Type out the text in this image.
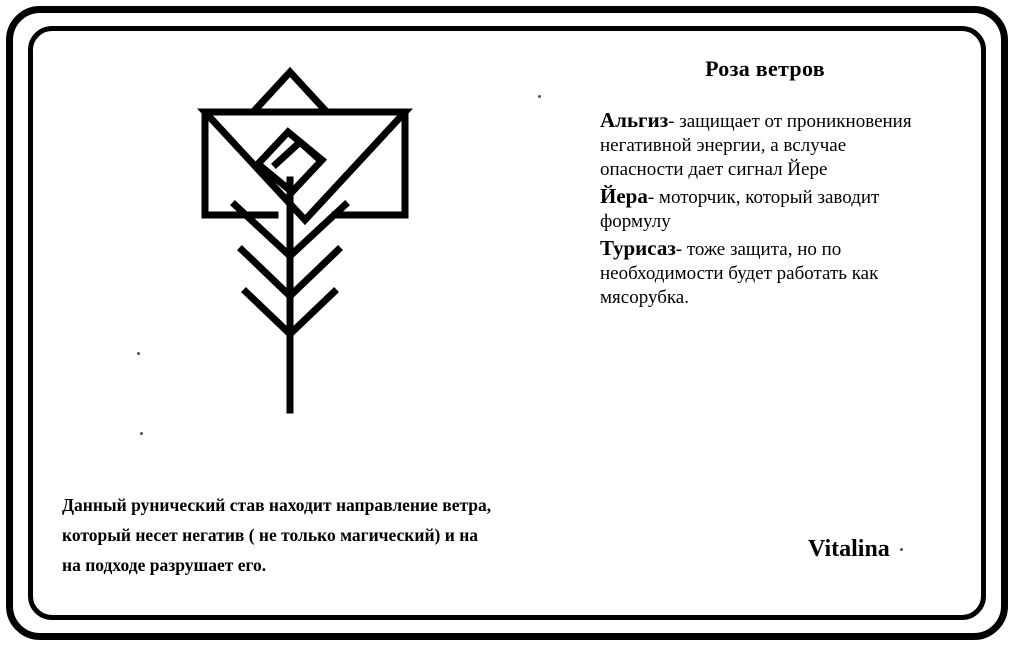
Роза ветров
Альгиз- защищает от проникновения негативной энергии, а вслучае опасности дает сигнал Йере
Йера- моторчик, который заводит формулу
Турисаз- тоже защита, но по необходимости будет работать как мясорубка.
Данный рунический став находит направление ветра,
который несет негатив ( не только магический) и на
на подходе разрушает его.
Vitalina
